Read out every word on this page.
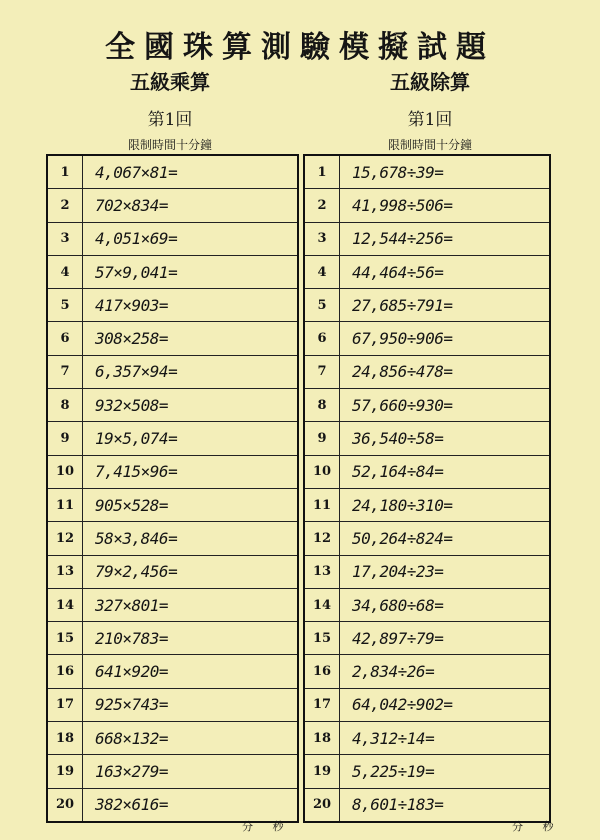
全國珠算測驗模擬試題
五級乘算
第1回
限制時間十分鐘
五級除算
第1回
限制時間十分鐘
1	4,067×81=
2	702×834=
3	4,051×69=
4	57×9,041=
5	417×903=
6	308×258=
7	6,357×94=
8	932×508=
9	19×5,074=
10	7,415×96=
11	905×528=
12	58×3,846=
13	79×2,456=
14	327×801=
15	210×783=
16	641×920=
17	925×743=
18	668×132=
19	163×279=
20	382×616=
1	15,678÷39=
2	41,998÷506=
3	12,544÷256=
4	44,464÷56=
5	27,685÷791=
6	67,950÷906=
7	24,856÷478=
8	57,660÷930=
9	36,540÷58=
10	52,164÷84=
11	24,180÷310=
12	50,264÷824=
13	17,204÷23=
14	34,680÷68=
15	42,897÷79=
16	2,834÷26=
17	64,042÷902=
18	4,312÷14=
19	5,225÷19=
20	8,601÷183=
分 秒	分 秒
